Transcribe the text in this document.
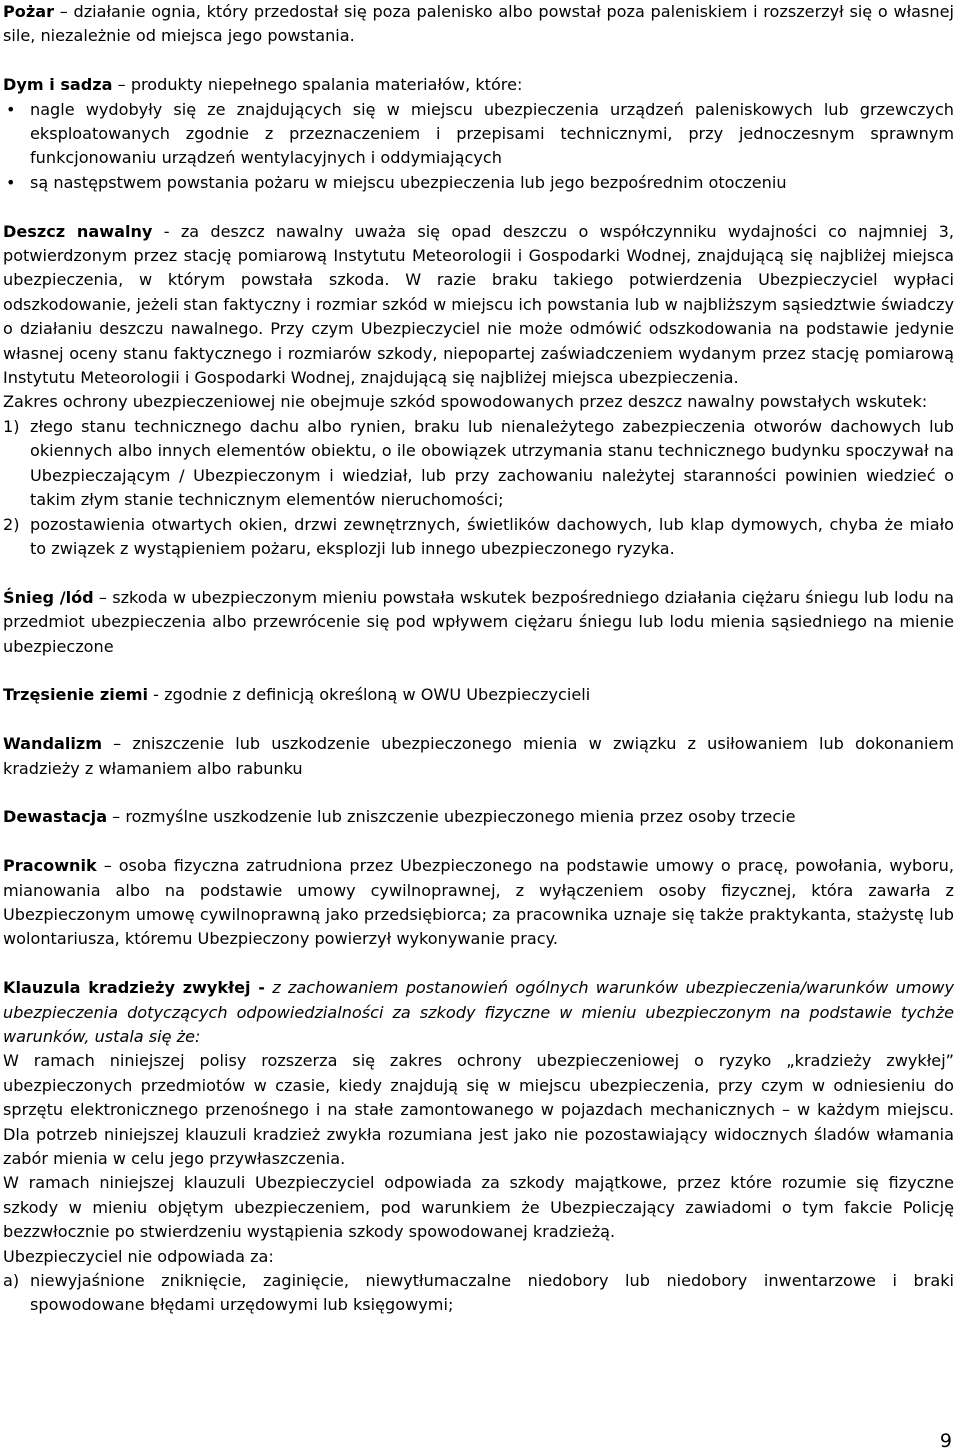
Pożar – działanie ognia, który przedostał się poza palenisko albo powstał poza paleniskiem i rozszerzył się o własnej sile, niezależnie od miejsca jego powstania.

Dym i sadza – produkty niepełnego spalania materiałów, które:

• nagle wydobyły się ze znajdujących się w miejscu ubezpieczenia urządzeń paleniskowych lub grzewczych eksploatowanych zgodnie z przeznaczeniem i przepisami technicznymi, przy jednoczesnym sprawnym funkcjonowaniu urządzeń wentylacyjnych i oddymiających
• są następstwem powstania pożaru w miejscu ubezpieczenia lub jego bezpośrednim otoczeniu

Deszcz nawalny - za deszcz nawalny uważa się opad deszczu o współczynniku wydajności co najmniej 3, potwierdzonym przez stację pomiarową Instytutu Meteorologii i Gospodarki Wodnej, znajdującą się najbliżej miejsca ubezpieczenia, w którym powstała szkoda. W razie braku takiego potwierdzenia Ubezpieczyciel wypłaci odszkodowanie, jeżeli stan faktyczny i rozmiar szkód w miejscu ich powstania lub w najbliższym sąsiedztwie świadczy o działaniu deszczu nawalnego. Przy czym Ubezpieczyciel nie może odmówić odszkodowania na podstawie jedynie własnej oceny stanu faktycznego i rozmiarów szkody, niepopartej zaświadczeniem wydanym przez stację pomiarową Instytutu Meteorologii i Gospodarki Wodnej, znajdującą się najbliżej miejsca ubezpieczenia.

Zakres ochrony ubezpieczeniowej nie obejmuje szkód spowodowanych przez deszcz nawalny powstałych wskutek:

1) złego stanu technicznego dachu albo rynien, braku lub nienależytego zabezpieczenia otworów dachowych lub okiennych albo innych elementów obiektu, o ile obowiązek utrzymania stanu technicznego budynku spoczywał na Ubezpieczającym / Ubezpieczonym i wiedział, lub przy zachowaniu należytej staranności powinien wiedzieć o takim złym stanie technicznym elementów nieruchomości;
2) pozostawienia otwartych okien, drzwi zewnętrznych, świetlików dachowych, lub klap dymowych, chyba że miało to związek z wystąpieniem pożaru, eksplozji lub innego ubezpieczonego ryzyka.

Śnieg /lód – szkoda w ubezpieczonym mieniu powstała wskutek bezpośredniego działania ciężaru śniegu lub lodu na przedmiot ubezpieczenia albo przewrócenie się pod wpływem ciężaru śniegu lub lodu mienia sąsiedniego na mienie ubezpieczone

Trzęsienie ziemi - zgodnie z definicją określoną w OWU Ubezpieczycieli

Wandalizm – zniszczenie lub uszkodzenie ubezpieczonego mienia w związku z usiłowaniem lub dokonaniem kradzieży z włamaniem albo rabunku

Dewastacja – rozmyślne uszkodzenie lub zniszczenie ubezpieczonego mienia przez osoby trzecie

Pracownik – osoba fizyczna zatrudniona przez Ubezpieczonego na podstawie umowy o pracę, powołania, wyboru, mianowania albo na podstawie umowy cywilnoprawnej, z wyłączeniem osoby fizycznej, która zawarła z Ubezpieczonym umowę cywilnoprawną jako przedsiębiorca; za pracownika uznaje się także praktykanta, stażystę lub wolontariusza, któremu Ubezpieczony powierzył wykonywanie pracy.

Klauzula kradzieży zwykłej - z zachowaniem postanowień ogólnych warunków ubezpieczenia/warunków umowy ubezpieczenia dotyczących odpowiedzialności za szkody fizyczne w mieniu ubezpieczonym na podstawie tychże warunków, ustala się że:

W ramach niniejszej polisy rozszerza się zakres ochrony ubezpieczeniowej o ryzyko „kradzieży zwykłej” ubezpieczonych przedmiotów w czasie, kiedy znajdują się w miejscu ubezpieczenia, przy czym w odniesieniu do sprzętu elektronicznego przenośnego i na stałe zamontowanego w pojazdach mechanicznych – w każdym miejscu. Dla potrzeb niniejszej klauzuli kradzież zwykła rozumiana jest jako nie pozostawiający widocznych śladów włamania zabór mienia w celu jego przywłaszczenia.

W ramach niniejszej klauzuli Ubezpieczyciel odpowiada za szkody majątkowe, przez które rozumie się fizyczne szkody w mieniu objętym ubezpieczeniem, pod warunkiem że Ubezpieczający zawiadomi o tym fakcie Policję bezzwłocznie po stwierdzeniu wystąpienia szkody spowodowanej kradzieżą.

Ubezpieczyciel nie odpowiada za:

a) niewyjaśnione zniknięcie, zaginięcie, niewytłumaczalne niedobory lub niedobory inwentarzowe i braki spowodowane błędami urzędowymi lub księgowymi;
9
